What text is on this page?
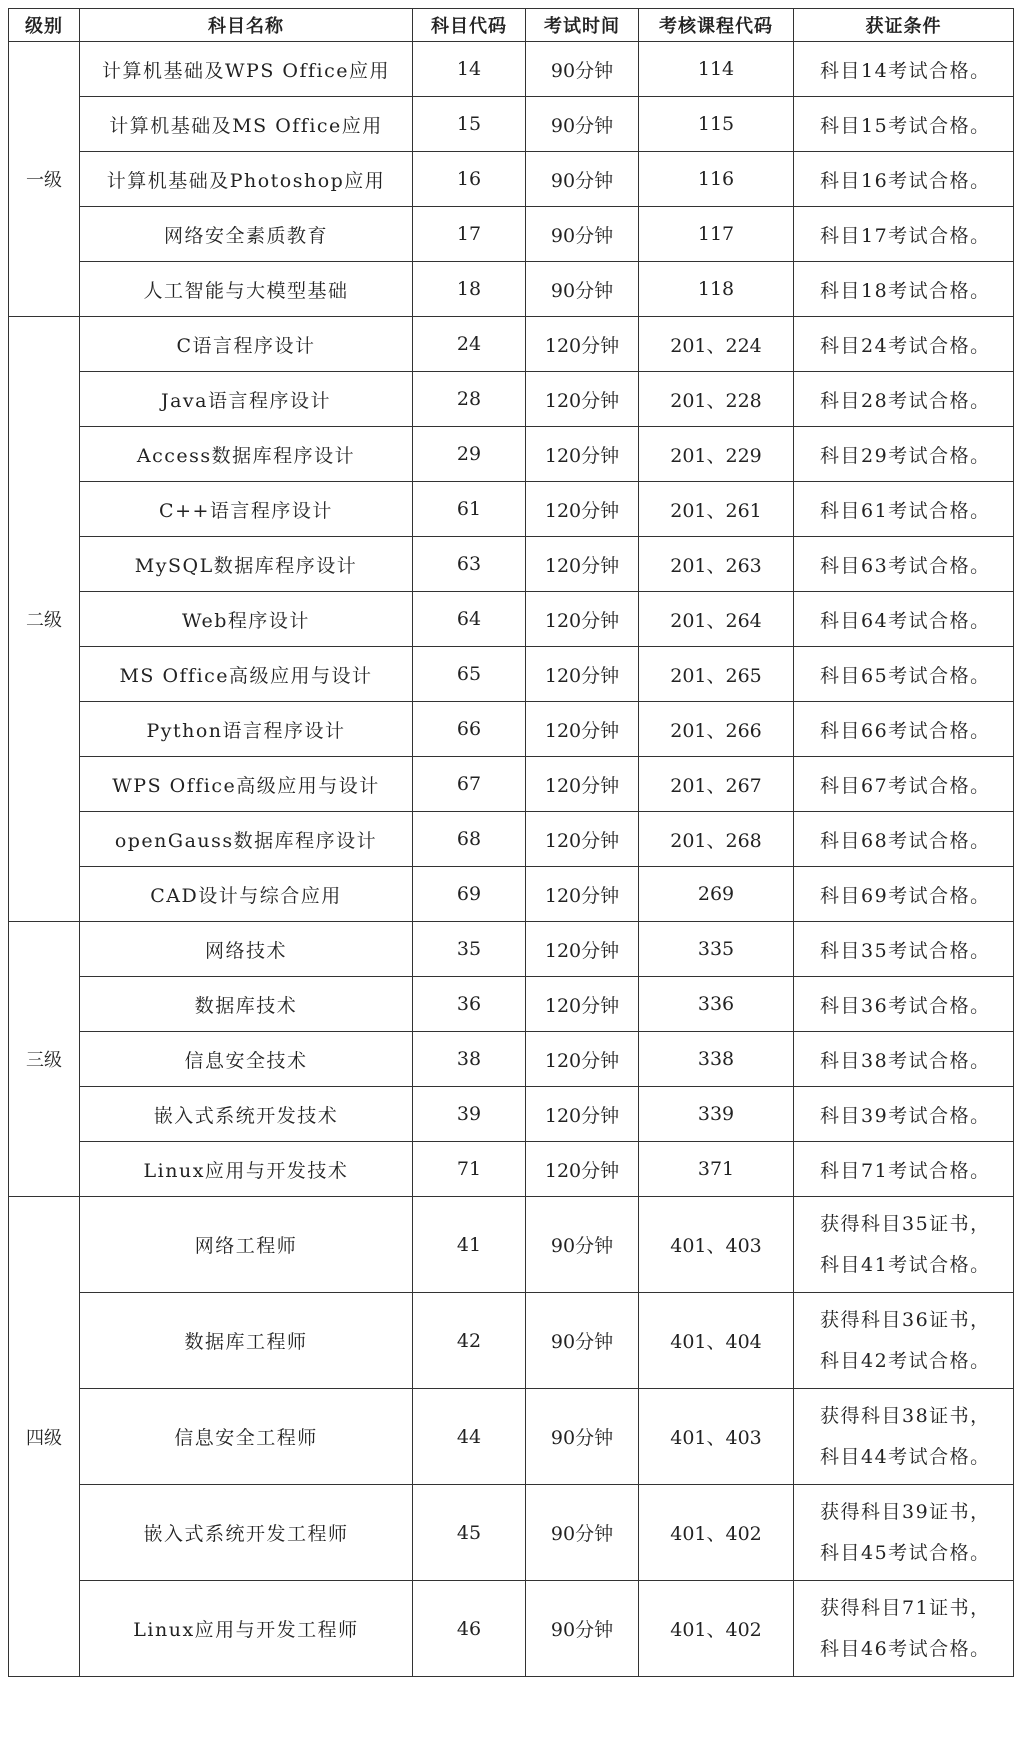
级别	科目名称	科目代码	考试时间	考核课程代码	获证条件
一级	计算机基础及WPS Office应用	14	90分钟	114	科目14考试合格。
	计算机基础及MS Office应用	15	90分钟	115	科目15考试合格。
	计算机基础及Photoshop应用	16	90分钟	116	科目16考试合格。
	网络安全素质教育	17	90分钟	117	科目17考试合格。
	人工智能与大模型基础	18	90分钟	118	科目18考试合格。
二级	C语言程序设计	24	120分钟	201、224	科目24考试合格。
	Java语言程序设计	28	120分钟	201、228	科目28考试合格。
	Access数据库程序设计	29	120分钟	201、229	科目29考试合格。
	C++语言程序设计	61	120分钟	201、261	科目61考试合格。
	MySQL数据库程序设计	63	120分钟	201、263	科目63考试合格。
	Web程序设计	64	120分钟	201、264	科目64考试合格。
	MS Office高级应用与设计	65	120分钟	201、265	科目65考试合格。
	Python语言程序设计	66	120分钟	201、266	科目66考试合格。
	WPS Office高级应用与设计	67	120分钟	201、267	科目67考试合格。
	openGauss数据库程序设计	68	120分钟	201、268	科目68考试合格。
	CAD设计与综合应用	69	120分钟	269	科目69考试合格。
三级	网络技术	35	120分钟	335	科目35考试合格。
	数据库技术	36	120分钟	336	科目36考试合格。
	信息安全技术	38	120分钟	338	科目38考试合格。
	嵌入式系统开发技术	39	120分钟	339	科目39考试合格。
	Linux应用与开发技术	71	120分钟	371	科目71考试合格。
四级	网络工程师	41	90分钟	401、403	获得科目35证书，
科目41考试合格。

	数据库工程师	42	90分钟	401、404	获得科目36证书，
科目42考试合格。

	信息安全工程师	44	90分钟	401、403	获得科目38证书，
科目44考试合格。

	嵌入式系统开发工程师	45	90分钟	401、402	获得科目39证书，
科目45考试合格。

	Linux应用与开发工程师	46	90分钟	401、402	获得科目71证书，
科目46考试合格。
